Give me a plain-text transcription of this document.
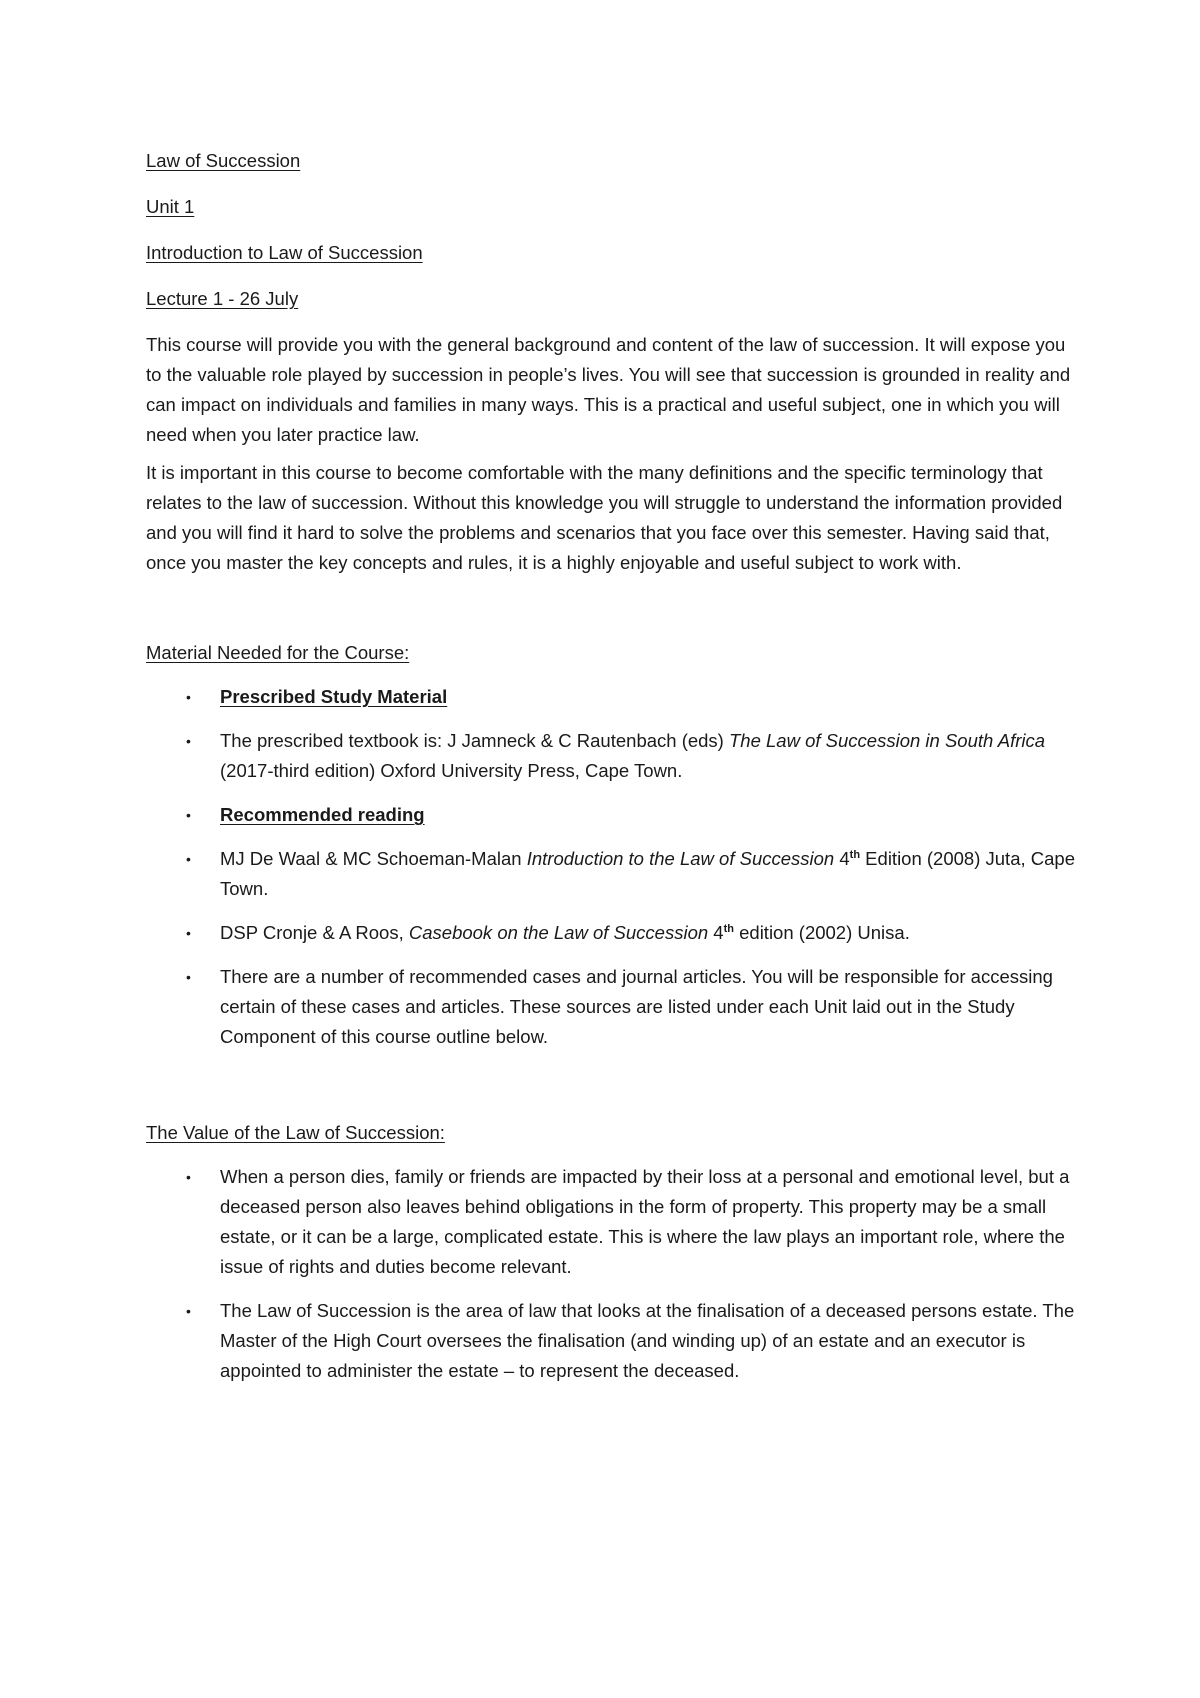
Law of Succession
Unit 1
Introduction to Law of Succession
Lecture 1 - 26 July

This course will provide you with the general background and content of the law of succession. It will expose you to the valuable role played by succession in people’s lives. You will see that succession is grounded in reality and can impact on individuals and families in many ways. This is a practical and useful subject, one in which you will need when you later practice law.

It is important in this course to become comfortable with the many definitions and the specific terminology that relates to the law of succession. Without this knowledge you will struggle to understand the information provided and you will find it hard to solve the problems and scenarios that you face over this semester. Having said that, once you master the key concepts and rules, it is a highly enjoyable and useful subject to work with.

Material Needed for the Course:
• Prescribed Study Material
• The prescribed textbook is: J Jamneck & C Rautenbach (eds) The Law of Succession in South Africa (2017-third edition) Oxford University Press, Cape Town.
• Recommended reading
• MJ De Waal & MC Schoeman-Malan Introduction to the Law of Succession 4th Edition (2008) Juta, Cape Town.
• DSP Cronje & A Roos, Casebook on the Law of Succession 4th edition (2002) Unisa.
• There are a number of recommended cases and journal articles. You will be responsible for accessing certain of these cases and articles. These sources are listed under each Unit laid out in the Study Component of this course outline below.
The Value of the Law of Succession:
• When a person dies, family or friends are impacted by their loss at a personal and emotional level, but a deceased person also leaves behind obligations in the form of property. This property may be a small estate, or it can be a large, complicated estate. This is where the law plays an important role, where the issue of rights and duties become relevant.
• The Law of Succession is the area of law that looks at the finalisation of a deceased persons estate. The Master of the High Court oversees the finalisation (and winding up) of an estate and an executor is appointed to administer the estate – to represent the deceased.
